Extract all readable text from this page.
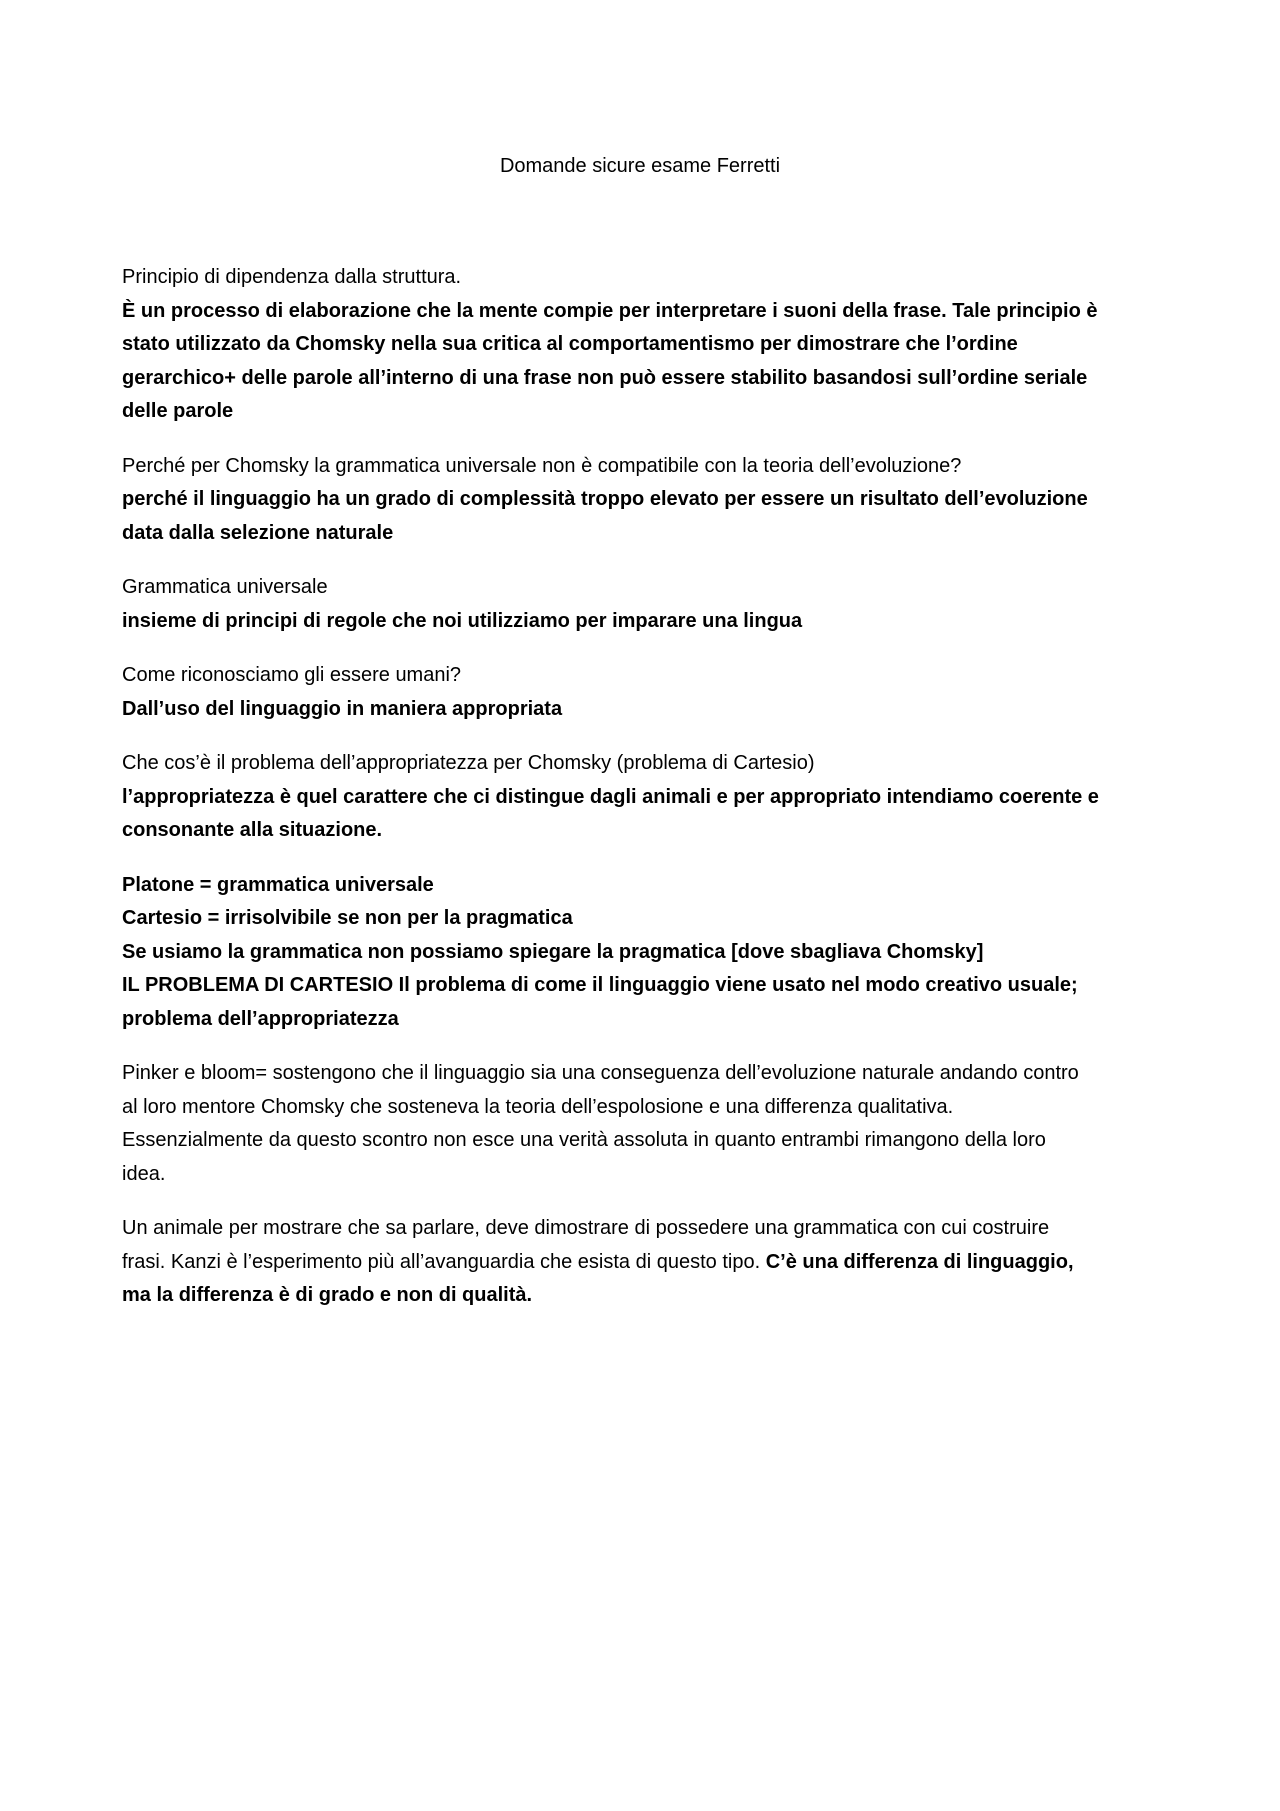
Domande sicure esame Ferretti
Principio di dipendenza dalla struttura.
È un processo di elaborazione che la mente compie per interpretare i suoni della frase. Tale principio è
stato utilizzato da Chomsky nella sua critica al comportamentismo per dimostrare che l’ordine
gerarchico+ delle parole all’interno di una frase non può essere stabilito basandosi sull’ordine seriale
delle parole
Perché per Chomsky la grammatica universale non è compatibile con la teoria dell’evoluzione?
perché il linguaggio ha un grado di complessità troppo elevato per essere un risultato dell’evoluzione
data dalla selezione naturale
Grammatica universale
insieme di principi di regole che noi utilizziamo per imparare una lingua
Come riconosciamo gli essere umani?
Dall’uso del linguaggio in maniera appropriata
Che cos’è il problema dell’appropriatezza per Chomsky (problema di Cartesio)
l’appropriatezza è quel carattere che ci distingue dagli animali e per appropriato intendiamo coerente e
consonante alla situazione.
Platone = grammatica universale
Cartesio = irrisolvibile se non per la pragmatica
Se usiamo la grammatica non possiamo spiegare la pragmatica [dove sbagliava Chomsky]
IL PROBLEMA DI CARTESIO Il problema di come il linguaggio viene usato nel modo creativo usuale;
problema dell’appropriatezza
Pinker e bloom= sostengono che il linguaggio sia una conseguenza dell’evoluzione naturale andando contro
al loro mentore Chomsky che sosteneva la teoria dell’espolosione e una differenza qualitativa.
Essenzialmente da questo scontro non esce una verità assoluta in quanto entrambi rimangono della loro
idea.
Un animale per mostrare che sa parlare, deve dimostrare di possedere una grammatica con cui costruire
frasi. Kanzi è l’esperimento più all’avanguardia che esista di questo tipo. C’è una differenza di linguaggio,
ma la differenza è di grado e non di qualità.
